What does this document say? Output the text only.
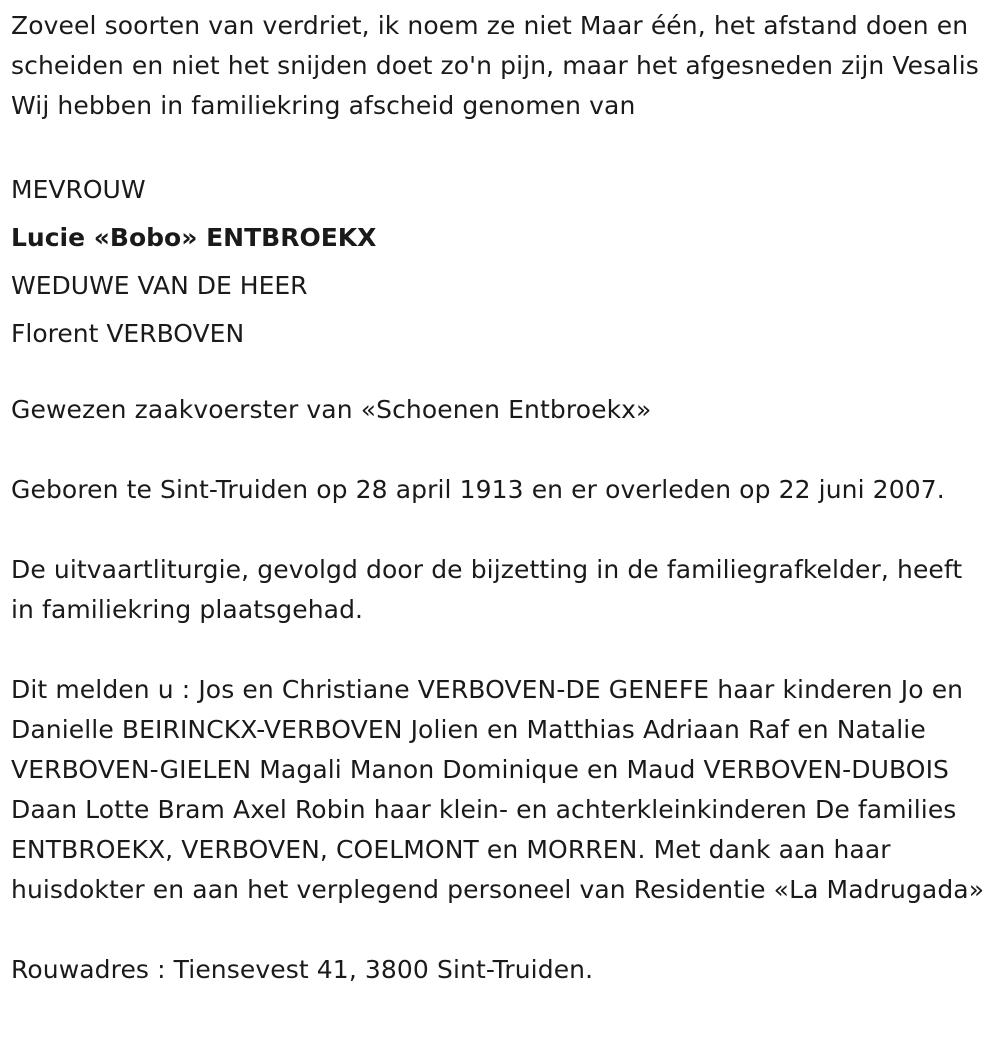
Zoveel soorten van verdriet, ik noem ze niet Maar één, het afstand doen en scheiden en niet het snijden doet zo'n pijn, maar het afgesneden zijn Vesalis Wij hebben in familiekring afscheid genomen van

MEVROUW

Lucie «Bobo» ENTBROEKX

WEDUWE VAN DE HEER

Florent VERBOVEN

Gewezen zaakvoerster van «Schoenen Entbroekx»

Geboren te Sint-Truiden op 28 april 1913 en er overleden op 22 juni 2007.

De uitvaartliturgie, gevolgd door de bijzetting in de familiegrafkelder, heeft in familiekring plaatsgehad.

Dit melden u : Jos en Christiane VERBOVEN-DE GENEFE haar kinderen Jo en Danielle BEIRINCKX-VERBOVEN Jolien en Matthias Adriaan Raf en Natalie VERBOVEN-GIELEN Magali Manon Dominique en Maud VERBOVEN-DUBOIS Daan Lotte Bram Axel Robin haar klein- en achterkleinkinderen De families ENTBROEKX, VERBOVEN, COELMONT en MORREN. Met dank aan haar huisdokter en aan het verplegend personeel van Residentie «La Madrugada»

Rouwadres : Tiensevest 41, 3800 Sint-Truiden.
